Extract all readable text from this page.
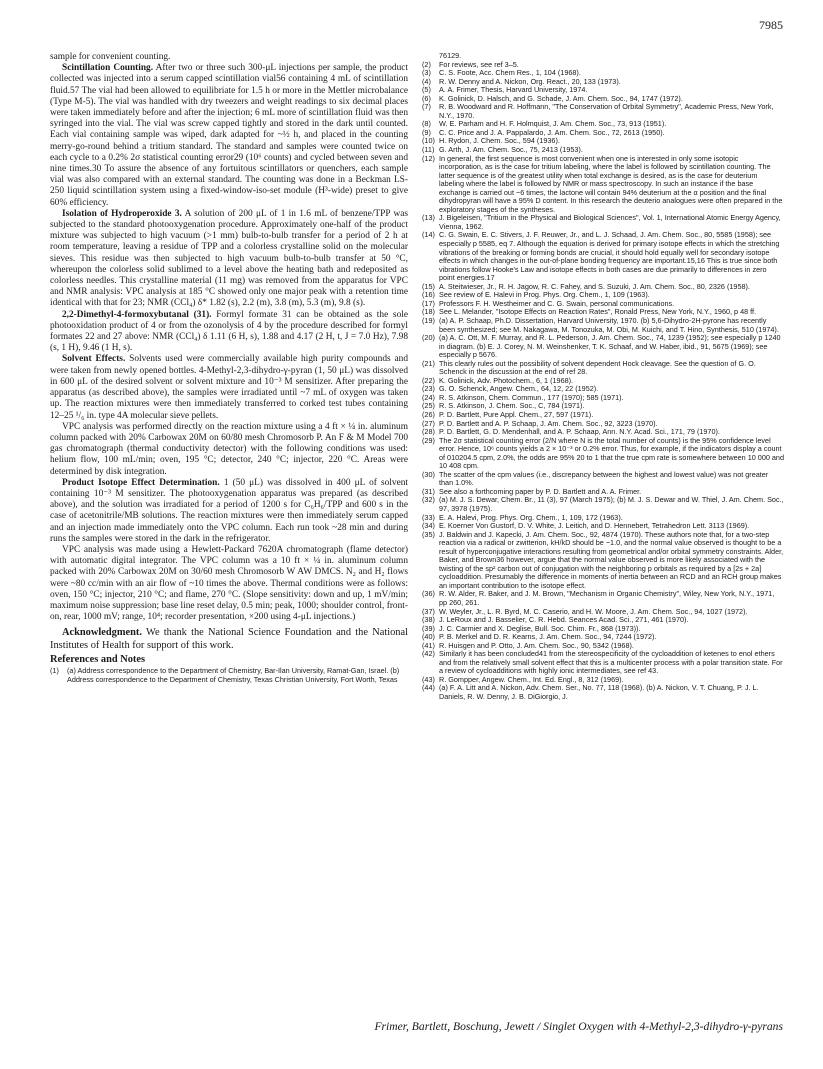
7985

sample for convenient counting.

Scintillation Counting. After two or three such 300-μL injections per sample, the product collected was injected into a serum capped scintillation vial56 containing 4 mL of scintillation fluid.57 The vial had been allowed to equilibriate for 1.5 h or more in the Mettler microbalance (Type M-5). The vial was handled with dry tweezers and weight readings to six decimal places were taken immediately before and after the injection; 6 mL more of scintillation fluid was then syringed into the vial. The vial was screw capped tightly and stored in the dark until counted. Each vial containing sample was wiped, dark adapted for ~½ h, and placed in the counting merry-go-round behind a tritium standard. The standard and samples were counted twice on each cycle to a 0.2% 2σ statistical counting error29 (10⁶ counts) and cycled between seven and nine times.30 To assure the absence of any fortuitous scintillators or quenchers, each sample vial was also compared with an external standard. The counting was done in a Beckman LS-250 liquid scintillation system using a fixed-window-iso-set module (H³-wide) preset to give 60% efficiency.

Isolation of Hydroperoxide 3. A solution of 200 μL of 1 in 1.6 mL of benzene/TPP was subjected to the standard photooxygenation procedure. Approximately one-half of the product mixture was subjected to high vacuum (>1 mm) bulb-to-bulb transfer for a period of 2 h at room temperature, leaving a residue of TPP and a colorless crystalline solid on the molecular sieves. This residue was then subjected to high vacuum bulb-to-bulb transfer at 50 °C, whereupon the colorless solid sublimed to a level above the heating bath and redeposited as colorless needles. This crystalline material (11 mg) was removed from the apparatus for VPC and NMR analysis: VPC analysis at 185 °C showed only one major peak with a retention time identical with that for 23; NMR (CCl₄) δ* 1.82 (s), 2.2 (m), 3.8 (m), 5.3 (m), 9.8 (s).

2,2-Dimethyl-4-formoxybutanal (31). Formyl formate 31 can be obtained as the sole photooxidation product of 4 or from the ozonolysis of 4 by the procedure described for formyl formates 22 and 27 above: NMR (CCl₄) δ 1.11 (6 H, s), 1.88 and 4.17 (2 H, t, J = 7.0 Hz), 7.98 (s, 1 H), 9.46 (1 H, s).

Solvent Effects. Solvents used were commercially available high purity compounds and were taken from newly opened bottles. 4-Methyl-2,3-dihydro-γ-pyran (1, 50 μL) was dissolved in 600 μL of the desired solvent or solvent mixture and 10⁻³ M sensitizer. After preparing the apparatus (as described above), the samples were irradiated until ~7 mL of oxygen was taken up. The reaction mixtures were then immediately transferred to corked test tubes containing 12–25 ¹/₆ in. type 4A molecular sieve pellets.

VPC analysis was performed directly on the reaction mixture using a 4 ft × ¼ in. aluminum column packed with 20% Carbowax 20M on 60/80 mesh Chromosorb P. An F & M Model 700 gas chromatograph (thermal conductivity detector) with the following conditions was used: helium flow, 100 mL/min; oven, 195 °C; detector, 240 °C; injector, 220 °C. Areas were determined by disk integration.

Product Isotope Effect Determination. 1 (50 μL) was dissolved in 400 μL of solvent containing 10⁻³ M sensitizer. The photooxygenation apparatus was prepared (as described above), and the solution was irradiated for a period of 1200 s for C₆H₆/TPP and 600 s in the case of acetonitrile/MB solutions. The reaction mixtures were then immediately serum capped and an injection made immediately onto the VPC column. Each run took ~28 min and during runs the samples were stored in the dark in the refrigerator.

VPC analysis was made using a Hewlett-Packard 7620A chromatograph (flame detector) with automatic digital integrator. The VPC column was a 10 ft × ¼ in. aluminum column packed with 20% Carbowax 20M on 30/60 mesh Chromosorb W AW DMCS. N₂ and H₂ flows were ~80 cc/min with an air flow of ~10 times the above. Thermal conditions were as follows: oven, 150 °C; injector, 210 °C; and flame, 270 °C. (Slope sensitivity: down and up, 1 mV/min; maximum noise suppression; base line reset delay, 0.5 min; peak, 1000; shoulder control, front-on, rear, 1000 mV; range, 10⁴; recorder presentation, ×200 using 4-μL injections.)

Acknowledgment. We thank the National Science Foundation and the National Institutes of Health for support of this work.

References and Notes
(1)	(a) Address correspondence to the Department of Chemistry, Bar-Ilan University, Ramat-Gan, Israel. (b) Address correspondence to the Department of Chemistry, Texas Christian University, Fort Worth, Texas
76129.
(2)	For reviews, see ref 3–5.
(3)	C. S. Foote, Acc. Chem Res., 1, 104 (1968).
(4)	R. W. Denny and A. Nickon, Org. React., 20, 133 (1973).
(5)	A. A. Frimer, Thesis, Harvard University, 1974.
(6)	K. Golinick, D. Halsch, and G. Schade, J. Am. Chem. Soc., 94, 1747 (1972).
(7)	R. B. Woodward and R. Hoffmann, "The Conservation of Orbital Symmetry", Academic Press, New York, N.Y., 1970.
(8)	W. E. Parham and H. F. Holmquist, J. Am. Chem. Soc., 73, 913 (1951).
(9)	C. C. Price and J. A. Pappalardo, J. Am. Chem. Soc., 72, 2613 (1950).
(10) H. Rydon, J. Chem. Soc., 594 (1936).
(11) G. Arth, J. Am. Chem. Soc., 75, 2413 (1953).
(12) In general, the first sequence is most convenient when one is interested in only some isotopic incorporation, as is the case for tritium labeling, where the label is followed by scintillation counting. The latter sequence is of the greatest utility when total exchange is desired, as is the case for deuterium labeling where the label is followed by NMR or mass spectroscopy. In such an instance if the base exchange is carried out ~6 times, the lactone will contain 94% deuterium at the α position and the final dihydropyran will have a 95% D content. In this research the deuterio analogues were often prepared in the exploratory stages of the syntheses.
(13) J. Bigeleisen, "Tritium in the Physical and Biological Sciences", Vol. 1, International Atomic Energy Agency, Vienna, 1962.
(14) C. G. Swain, E. C. Stivers, J. F. Reuwer, Jr., and L. J. Schaad, J. Am. Chem. Soc., 80, 5585 (1958); see especially p 5585, eq 7. Although the equation is derived for primary isotope effects in which the stretching vibrations of the breaking or forming bonds are crucial, it should hold equally well for secondary isotope effects in which changes in the out-of-plane bonding frequency are important.15,16 This is true since both vibrations follow Hooke's Law and isotope effects in both cases are due primarily to differences in zero point energies.17
(15) A. Steitwieser, Jr., R. H. Jagow, R. C. Fahey, and S. Suzuki, J. Am. Chem. Soc., 80, 2326 (1958).
(16) See review of E. Halevi in Prog. Phys. Org. Chem., 1, 109 (1963).
(17) Professors F. H. Westheimer and C. G. Swain, personal communications.
(18) See L. Melander, "Isotope Effects on Reaction Rates", Ronald Press, New York, N.Y., 1960, p 48 ff.
(19) (a) A. P. Schaap, Ph.D. Dissertation, Harvard University, 1970. (b) 5,6-Dihydro-2H-pyrone has recently been synthesized; see M. Nakagawa, M. Tonozuka, M. Obi, M. Kuichi, and T. Hino, Synthesis, 510 (1974).
(20) (a) A. C. Ott, M. F. Murray, and R. L. Pederson, J. Am. Chem. Soc., 74, 1239 (1952); see especially p 1240 in diagram. (b) E. J. Corey, N. M. Weinshenker, T. K. Schaaf, and W. Haber, ibid., 91, 5675 (1969); see especially p 5676.
(21) This clearly rules out the possibility of solvent dependent Hock cleavage. See the question of G. O. Schenck in the discussion at the end of ref 28.
(22) K. Golinick, Adv. Photochem., 6, 1 (1968).
(23) G. O. Schenck, Angew. Chem., 64, 12, 22 (1952).
(24) R. S. Atkinson, Chem. Commun., 177 (1970); 585 (1971).
(25) R. S. Atkinson, J. Chem. Soc., C, 784 (1971).
(26) P. D. Bartlett, Pure Appl. Chem., 27, 597 (1971).
(27) P. D. Bartlett and A. P. Schaap, J. Am. Chem. Soc., 92, 3223 (1970).
(28) P. D. Bartlett, G. D. Mendenhall, and A. P. Schaap, Ann. N.Y. Acad. Sci., 171, 79 (1970).
(29) The 2σ statistical counting error (2/N where N is the total number of counts) is the 95% confidence level error. Hence, 10⁶ counts yields a 2 × 10⁻³ or 0.2% error. Thus, for example, if the indicators display a count of 010204.5 cpm, 2.0%, the odds are 95% 20 to 1 that the true cpm rate is somewhere between 10 000 and 10 408 cpm.
(30) The scatter of the cpm values (i.e., discrepancy between the highest and lowest value) was not greater than 1.0%.
(31) See also a forthcoming paper by P. D. Bartlett and A. A. Frimer.
(32) (a) M. J. S. Dewar, Chem. Br., 11 (3), 97 (March 1975); (b) M. J. S. Dewar and W. Thiel, J. Am. Chem. Soc., 97, 3978 (1975).
(33) E. A. Halevi, Prog. Phys. Org. Chem., 1, 109, 172 (1963).
(34) E. Koerner Von Gustorf, D. V. White, J. Leitich, and D. Hennebert, Tetrahedron Lett. 3113 (1969).
(35) J. Baldwin and J. Kapecki, J. Am. Chem. Soc., 92, 4874 (1970). These authors note that, for a two-step reaction via a radical or zwitterion, kH/kD should be ~1.0, and the normal value observed is thought to be a result of hyperconjugative interactions resulting from geometrical and/or orbital symmetry constraints. Alder, Baker, and Brown36 however, argue that the normal value observed is more likely associated with the twisting of the sp² carbon out of conjugation with the neighboring p orbitals as required by a [2s + 2a] cycloaddition. Presumably the difference in moments of inertia between an RCD and an RCH group makes an important contribution to the isotope effect.
(36) R. W. Alder, R. Baker, and J. M. Brown, "Mechanism in Organic Chemistry", Wiley, New York, N.Y., 1971, pp 260, 261.
(37) W. Weyler, Jr., L. R. Byrd, M. C. Caserio, and H. W. Moore, J. Am. Chem. Soc., 94, 1027 (1972).
(38) J. LeRoux and J. Basselier, C. R. Hebd. Seances Acad. Sci., 271, 461 (1970).
(39) J. C. Carmier and X. Deglise, Bull. Soc. Chim. Fr., 868 (1973)).
(40) P. B. Merkel and D. R. Kearns, J. Am. Chem. Soc., 94, 7244 (1972).
(41) R. Huisgen and P. Otto, J. Am. Chem. Soc., 90, 5342 (1968).
(42) Similarly it has been concluded41 from the stereospecificity of the cycloaddition of ketenes to enol ethers and from the relatively small solvent effect that this is a multicenter process with a polar transition state. For a review of cycloadditions with highly ionic intermediates, see ref 43.
(43) R. Gompper, Angew. Chem., Int. Ed. Engl., 8, 312 (1969).
(44) (a) F. A. Litt and A. Nickon, Adv. Chem. Ser., No. 77, 118 (1968). (b) A. Nickon, V. T. Chuang, P. J. L. Daniels, R. W. Denny, J. B. DiGiorgio, J.
Frimer, Bartlett, Boschung, Jewett / Singlet Oxygen with 4-Methyl-2,3-dihydro-γ-pyrans
